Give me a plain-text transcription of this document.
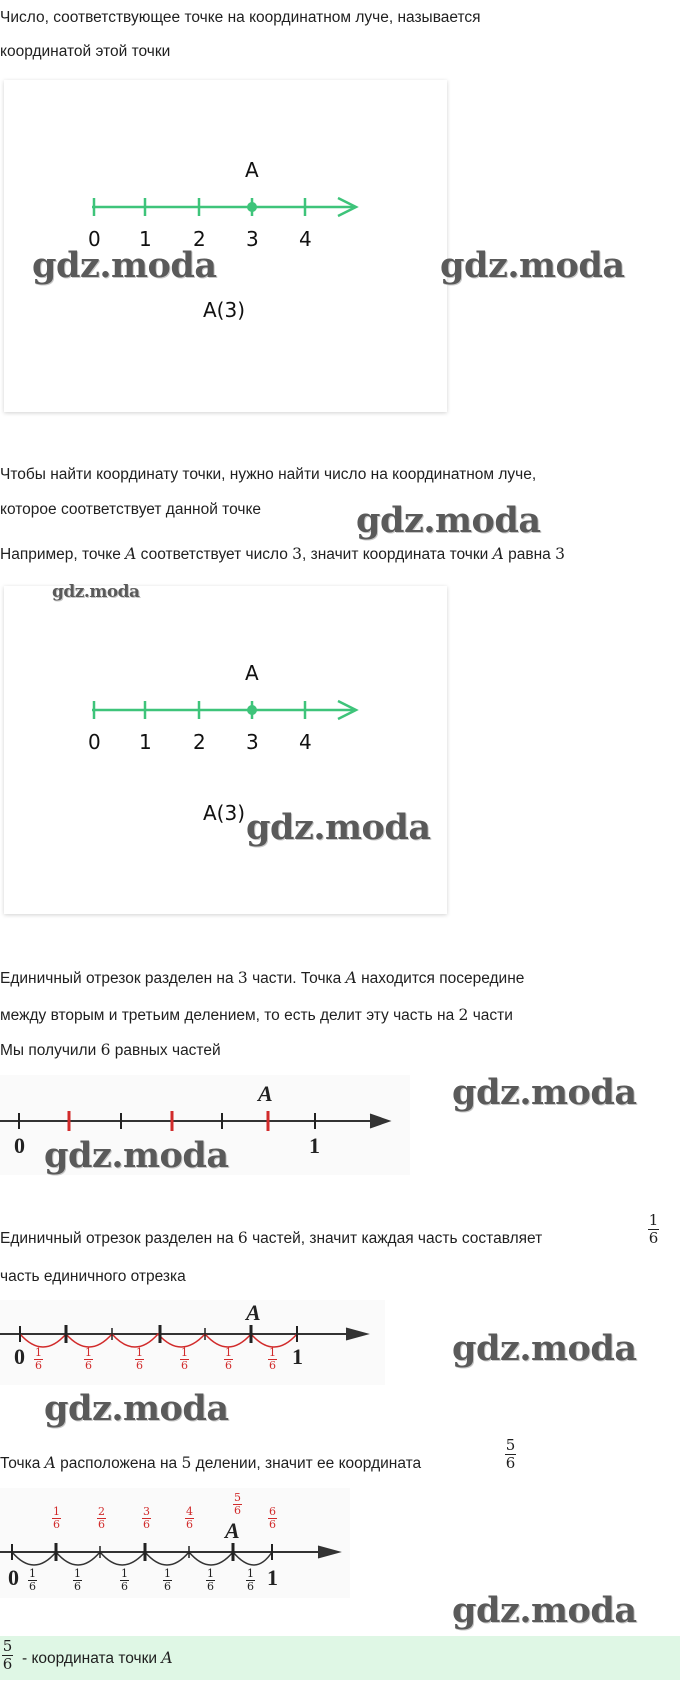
Число, соответствующее точке на координатном луче, называется
координатой этой точки
A
0 1 2 3 4
gdz.moda
A(3)
gdz.moda
Чтобы найти координату точки, нужно найти число на координатном луче,
которое соответствует данной точке	gdz.moda
Например, точке A соответствует число 3, значит координата точки A равна 3
gdz.moda
A
0 1 2 3 4
A(3) gdz.moda
Единичный отрезок разделен на 3 части. Точка A находится посередине
между вторым и третьим делением, то есть делит эту часть на 2 части
Мы получили 6 равных частей
A
0	1
gdz.moda
gdz.moda
Единичный отрезок разделен на 6 частей, значит каждая часть составляет	$\frac{1}{6}$
часть единичного отрезка
A
0	1
1
6
1
6
1
6
1
6
1
6
1
6	gdz.moda
gdz.moda
Точка A расположена на 5 делении, значит ее координата	$\frac{5}{6}$
A
1
6
2
6
3
6
4
6
5
6	6
6
0	1
1
6
1
6
1
6
1
6
1
6
1
6
gdz.moda
$\frac{5}{6}$ - координата точки A
